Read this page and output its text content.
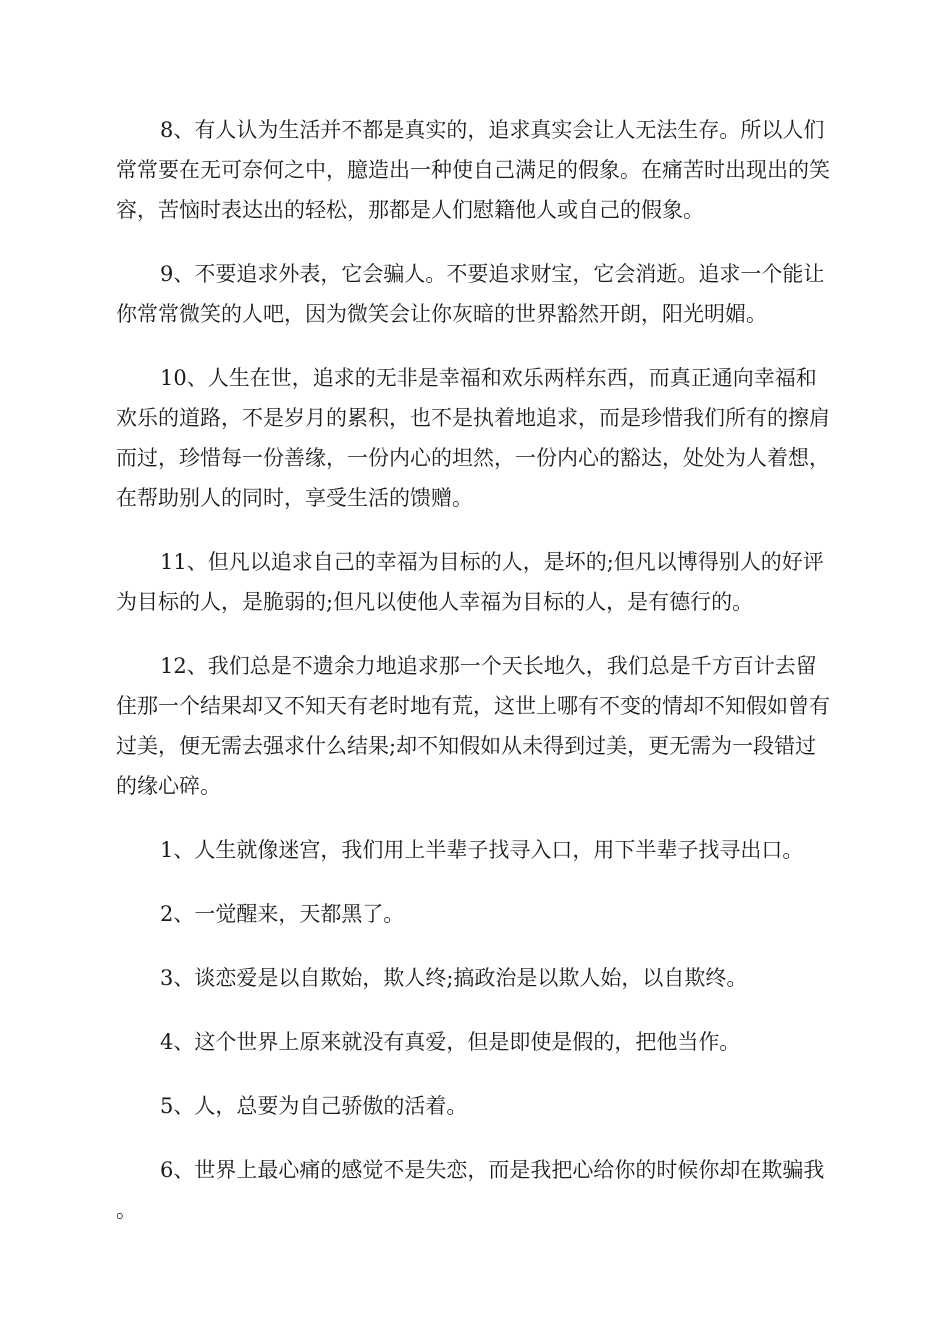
8、有人认为生活并不都是真实的，追求真实会让人无法生存。所以人们常常要在无可奈何之中，臆造出一种使自己满足的假象。在痛苦时出现出的笑容，苦恼时表达出的轻松，那都是人们慰籍他人或自己的假象。

9、不要追求外表，它会骗人。不要追求财宝，它会消逝。追求一个能让你常常微笑的人吧，因为微笑会让你灰暗的世界豁然开朗，阳光明媚。

10、人生在世，追求的无非是幸福和欢乐两样东西，而真正通向幸福和欢乐的道路，不是岁月的累积，也不是执着地追求，而是珍惜我们所有的擦肩而过，珍惜每一份善缘，一份内心的坦然，一份内心的豁达，处处为人着想，在帮助别人的同时，享受生活的馈赠。

11、但凡以追求自己的幸福为目标的人，是坏的;但凡以博得别人的好评为目标的人，是脆弱的;但凡以使他人幸福为目标的人，是有德行的。

12、我们总是不遗余力地追求那一个天长地久，我们总是千方百计去留住那一个结果却又不知天有老时地有荒，这世上哪有不变的情却不知假如曾有过美，便无需去强求什么结果;却不知假如从未得到过美，更无需为一段错过的缘心碎。

1、人生就像迷宫，我们用上半辈子找寻入口，用下半辈子找寻出口。

2、一觉醒来，天都黑了。

3、谈恋爱是以自欺始，欺人终;搞政治是以欺人始，以自欺终。

4、这个世界上原来就没有真爱，但是即使是假的，把他当作。

5、人，总要为自己骄傲的活着。

6、世界上最心痛的感觉不是失恋，而是我把心给你的时候你却在欺骗我。
